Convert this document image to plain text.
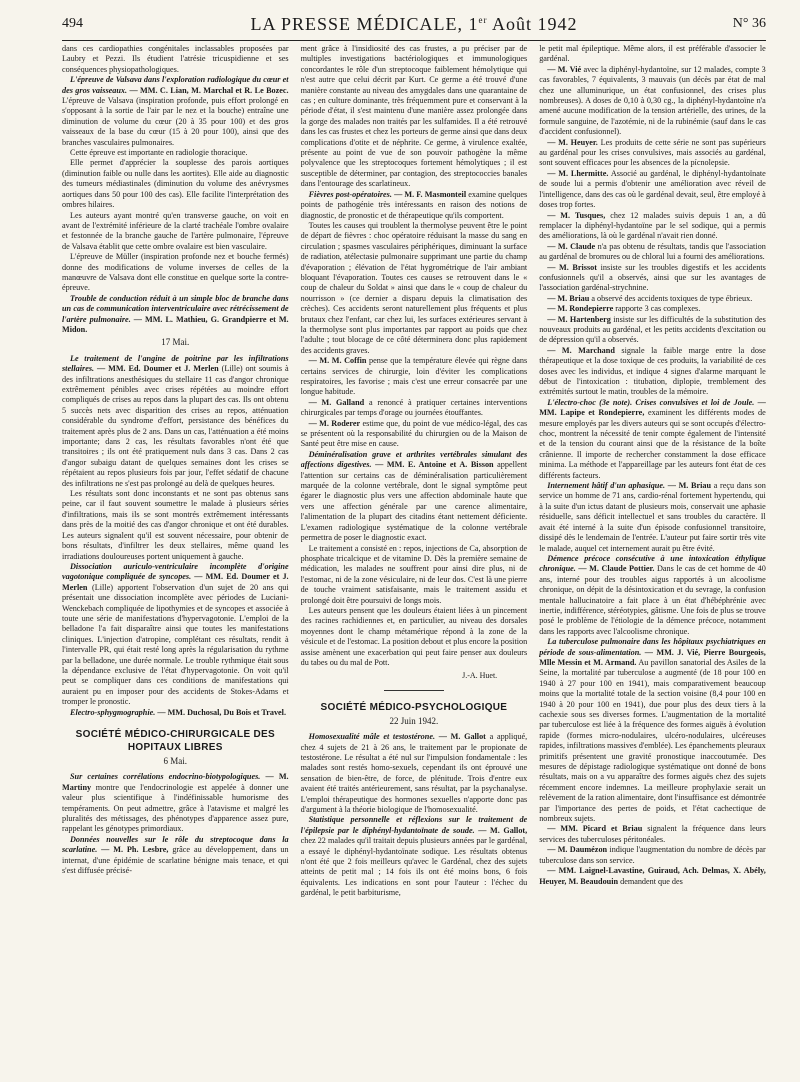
494	LA PRESSE MÉDICALE, 1er Août 1942	N° 36

dans ces cardiopathies congénitales inclassables proposées par Laubry et Pezzi. Ils étudient l'atrésie tricuspidienne et ses conséquences physiopathologiques.

L'épreuve de Valsava dans l'exploration radiologique du cœur et des gros vaisseaux. — MM. C. Lian, M. Marchal et R. Le Bozec. L'épreuve de Valsava (inspiration profonde, puis effort prolongé en s'opposant à la sortie de l'air par le nez et la bouche) entraîne une diminution de volume du cœur (20 à 35 pour 100) et des gros vaisseaux de la base du cœur (15 à 20 pour 100), ainsi que des branches vasculaires pulmonaires.

Cette épreuve est importante en radiologie thoracique.

Elle permet d'apprécier la souplesse des parois aortiques (diminution faible ou nulle dans les aortites). Elle aide au diagnostic des tumeurs médiastinales (diminution du volume des anévrysmes aortiques dans 50 pour 100 des cas). Elle facilite l'interprétation des ombres hilaires.

Les auteurs ayant montré qu'en transverse gauche, on voit en avant de l'extrémité inférieure de la clarté trachéale l'ombre ovalaire et festonnée de la branche gauche de l'artère pulmonaire, l'épreuve de Valsava établit que cette ombre ovalaire est bien vasculaire.

L'épreuve de Müller (inspiration profonde nez et bouche fermés) donne des modifications de volume inverses de celles de la manœuvre de Valsava dont elle constitue en quelque sorte la contre-épreuve.

Trouble de conduction réduit à un simple bloc de branche dans un cas de communication interventriculaire avec rétrécissement de l'artère pulmonaire. — MM. L. Mathieu, G. Grandpierre et M. Midon.

17 Mai.

Le traitement de l'angine de poitrine par les infiltrations stellaires. — MM. Ed. Doumer et J. Merlen (Lille) ont soumis à des infiltrations anesthésiques du stellaire 11 cas d'angor chronique extrêmement pénibles avec crises répétées au moindre effort compliqués de crises au repos dans la plupart des cas. Ils ont obtenu 5 succès nets avec disparition des crises au repos, atténuation considérable du syndrome d'effort, persistance des bénéfices du traitement après plus de 2 ans. Dans un cas, l'atténuation a été moins importante; dans 2 cas, les résultats favorables n'ont été que transitoires ; ils ont été pratiquement nuls dans 3 cas. Dans 2 cas d'angor subaigu datant de quelques semaines dont les crises se répétaient au repos plusieurs fois par jour, l'effet sédatif de chacune des infiltrations ne s'est pas prolongé au delà de quelques heures.

Les résultats sont donc inconstants et ne sont pas obtenus sans peine, car il faut souvent soumettre le malade à plusieurs séries d'infiltrations, mais ils se sont montrés extrêmement intéressants dans près de la moitié des cas d'angor chronique et ont été durables. Les auteurs signalent qu'il est souvent nécessaire, pour obtenir de bons résultats, d'infiltrer les deux stellaires, même quand les irradiations douloureuses portent uniquement à gauche.

Dissociation auriculo-ventriculaire incomplète d'origine vagotonique compliquée de syncopes. — MM. Ed. Doumer et J. Merlen (Lille) apportent l'observation d'un sujet de 20 ans qui présentait une dissociation incomplète avec périodes de Luciani-Wenckebach compliquée de lipothymies et de syncopes et associée à toute une série de manifestations d'hypervagotonie. L'emploi de la belladone l'a fait disparaître ainsi que toutes les manifestations cliniques. L'injection d'atropine, complétant ces résultats, rendit à l'intervalle PR, qui était resté long après la régularisation du rythme par la belladone, une durée normale. Le trouble rythmique était sous la dépendance exclusive de l'état d'hypervagotonie. On voit qu'il peut se compliquer dans ces conditions de manifestations qui auraient pu en imposer pour des accidents de Stokes-Adams et tromper le pronostic.

Electro-sphygmographie. — MM. Duchosal, Du Bois et Travel.

SOCIÉTÉ MÉDICO-CHIRURGICALE DES HOPITAUX LIBRES
6 Mai.

Sur certaines corrélations endocrino-biotypologiques. — M. Martiny montre que l'endocrinologie est appelée à donner une valeur plus scientifique à l'indéfinissable humorisme des tempéraments. On peut admettre, grâce à l'atavisme et malgré les pluralités des métissages, des phénotypes d'apparence assez pure, rappelant les génotypes primordiaux.

Données nouvelles sur le rôle du streptocoque dans la scarlatine. — M. Ph. Lesbre, grâce au développement, dans un internat, d'une épidémie de scarlatine bénigne mais tenace, et qui s'est diffusée précisé-

ment grâce à l'insidiosité des cas frustes, a pu préciser par de multiples investigations bactériologiques et immunologiques concordantes le rôle d'un streptocoque faiblement hémolytique qui n'est autre que celui décrit par Kurt. Ce germe a été trouvé d'une manière constante au niveau des amygdales dans une quarantaine de cas ; en culture dominante, très fréquemment pure et conservant à la période d'état, il s'est maintenu d'une manière assez prolongée dans la gorge des malades non traités par les sulfamides. Il a été retrouvé dans les cas frustes et chez les porteurs de germe ainsi que dans deux complications d'otite et de néphrite. Ce germe, à virulence exaltée, présente au point de vue de son pouvoir pathogène la même polyvalence que les streptocoques fortement hémolytiques ; il est susceptible de déterminer, par contagion, des streptococcies banales dans l'entourage des scarlatineux.

Fièvres post-opératoires. — M. F. Masmonteil examine quelques points de pathogénie très intéressants en raison des notions de diagnostic, de pronostic et de thérapeutique qu'ils comportent.

Toutes les causes qui troublent la thermolyse peuvent être le point de départ de fièvres : choc opératoire réduisant la masse du sang en circulation ; spasmes vasculaires périphériques, diminuant la surface de radiation, atélectasie pulmonaire supprimant une partie du champ d'évaporation ; élévation de l'état hygrométrique de l'air ambiant bloquant l'évaporation. Toutes ces causes se retrouvent dans le « coup de chaleur du Soldat » ainsi que dans le « coup de chaleur du nourrisson » (ce dernier a disparu depuis la climatisation des crèches). Ces accidents seront naturellement plus fréquents et plus brutaux chez l'enfant, car chez lui, les surfaces extérieures servant à la thermolyse sont plus importantes par rapport au poids que chez l'adulte ; tout blocage de ce côté déterminera donc plus rapidement des accidents graves.

— M. M. Coffin pense que la température élevée qui règne dans certains services de chirurgie, loin d'éviter les complications respiratoires, les favorise ; mais c'est une erreur consacrée par une longue habitude.

— M. Galland a renoncé à pratiquer certaines interventions chirurgicales par temps d'orage ou journées étouffantes.

— M. Roderer estime que, du point de vue médico-légal, des cas se présentent où la responsabilité du chirurgien ou de la Maison de Santé peut être mise en cause.

Déminéralisation grave et arthrites vertébrales simulant des affections digestives. — MM. E. Antoine et A. Bisson appellent l'attention sur certains cas de déminéralisation particulièrement marquée de la colonne vertébrale, dont le signal symptôme peut égarer le diagnostic plus vers une affection abdominale haute que vers une affection générale par une carence alimentaire, l'alimentation de la plupart des citadins étant nettement déficiente. L'examen radiologique systématique de la colonne vertébrale permettra de poser le diagnostic exact.

Le traitement a consisté en : repos, injections de Ca, absorption de phosphate tricalcique et de vitamine D. Dès la première semaine de médication, les malades ne souffrent pour ainsi dire plus, ni de l'estomac, ni de la zone vésiculaire, ni de leur dos. C'est là une pierre de touche vraiment satisfaisante, mais le traitement assidu et prolongé doit être poursuivi de longs mois.

Les auteurs pensent que les douleurs étaient liées à un pincement des racines rachidiennes et, en particulier, au niveau des dorsales moyennes dont le champ métamérique répond à la zone de la vésicule et de l'estomac. La position debout et plus encore la position assise amènent une exacerbation qui peut faire penser aux douleurs du tabes ou du mal de Pott.

J.-A. Huet.
SOCIÉTÉ MÉDICO-PSYCHOLOGIQUE
22 Juin 1942.

Homosexualité mâle et testostérone. — M. Gallot a appliqué, chez 4 sujets de 21 à 26 ans, le traitement par le propionate de testostérone. Le résultat a été nul sur l'impulsion fondamentale : les malades sont restés homo-sexuels, cependant ils ont éprouvé une sensation de bien-être, de force, de plénitude. Trois d'entre eux avaient été traités antérieurement, sans résultat, par la psychanalyse. L'emploi thérapeutique des hormones sexuelles n'apporte donc pas d'argument à la théorie biologique de l'homosexualité.

Statistique personnelle et réflexions sur le traitement de l'épilepsie par le diphényl-hydantoïnate de soude. — M. Gallot, chez 22 malades qu'il traitait depuis plusieurs années par le gardénal, a essayé le diphényl-hydantoïnate sodique. Les résultats obtenus n'ont été que 2 fois meilleurs qu'avec le Gardénal, chez des sujets atteints de petit mal ; 14 fois ils ont été moins bons, 6 fois équivalents. Les indications en sont pour l'auteur : l'échec du gardénal, le petit barbiturisme,

le petit mal épileptique. Même alors, il est préférable d'associer le gardénal.

— M. Vié avec la diphényl-hydantoïne, sur 12 malades, compte 3 cas favorables, 7 équivalents, 3 mauvais (un décès par état de mal chez une alluminurique, un état confusionnel, des crises plus nombreuses). A doses de 0,10 à 0,30 cg., la diphényl-hydantoïne n'a amené aucune modification de la tension artérielle, des urines, de la formule sanguine, de l'azotémie, ni de la rubinémie (sauf dans le cas d'accident confusionnel).

— M. Heuyer. Les produits de cette série ne sont pas supérieurs au gardénal pour les crises convulsives, mais associés au gardénal, sont souvent efficaces pour les absences de la pícnolepsie.

— M. Lhermitte. Associé au gardénal, le diphényl-hydantoïnate de soude lui a permis d'obtenir une amélioration avec réveil de l'intelligence, dans des cas où le gardénal devait, seul, être employé à doses trop fortes.

— M. Tusques, chez 12 malades suivis depuis 1 an, a dû remplacer la diphényl-hydantoïne par le sel sodique, qui a permis des améliorations, là où le gardénal n'avait rien donné.

— M. Claude n'a pas obtenu de résultats, tandis que l'association au gardénal de bromures ou de chloral lui a fourni des améliorations.

— M. Brissot insiste sur les troubles digestifs et les accidents confusionnels qu'il a observés, ainsi que sur les avantages de l'association gardénal-strychnine.

— M. Briau a observé des accidents toxiques de type ébrieux.

— M. Rondepierre rapporte 3 cas complexes.

— M. Hartenberg insiste sur les difficultés de la substitution des nouveaux produits au gardénal, et les petits accidents d'excitation ou de dépression qu'il a observés.

— M. Marchand signale la faible marge entre la dose thérapeutique et la dose toxique de ces produits, la variabilité de ces doses avec les individus, et indique 4 signes d'alarme marquant le début de l'intoxication : titubation, diplopie, tremblement des extrémités surtout le matin, troubles de la mémoire.

L'électro-choc (3e note). Crises convulsives et loi de Joule. — MM. Lapipe et Rondepierre, examinent les différents modes de mesure employés par les divers auteurs qui se sont occupés d'électro-choc, montrent la nécessité de tenir compte également de l'intensité et de la tension du courant ainsi que de la résistance de la boîte crânienne. Il importe de rechercher constamment la dose efficace minima. La méthode et l'appareillage par les auteurs font état de ces différents facteurs.

Internement hâtif d'un aphasique. — M. Briau a reçu dans son service un homme de 71 ans, cardio-rénal fortement hypertendu, qui à la suite d'un ictus datant de plusieurs mois, conservait une aphasie résiduelle, sans déficit intellectuel et sans troubles du caractère. Il avait été interné à la suite d'un épisode confusionnel transitoire, dissipé dès le lendemain de l'entrée. L'auteur put faire sortir très vite le malade, auquel cet internement aurait pu être évité.

Démence précoce consécutive à une intoxication éthylique chronique. — M. Claude Pottier. Dans le cas de cet homme de 40 ans, interné pour des troubles aigus rapportés à un alcoolisme chronique, on dépit de la désintoxication et du sevrage, la confusion mentale hallucinatoire a fait place à un état d'hébéphrénie avec inertie, indifférence, stéréotypies, gâtisme. Une fois de plus se trouve posé le problème de l'étiologie de la démence précoce, notamment dans les rapports avec l'alcoolisme chronique.

La tuberculose pulmonaire dans les hôpitaux psychiatriques en période de sous-alimentation. — MM. J. Vié, Pierre Bourgeois, Mlle Messin et M. Armand. Au pavillon sanatorial des Asiles de la Seine, la mortalité par tuberculose a augmenté (de 18 pour 100 en 1940 à 27 pour 100 en 1941), mais comparativement beaucoup moins que la mortalité totale de la section voisine (8,4 pour 100 en 1940 à 20 pour 100 en 1941), due pour plus des deux tiers à la cachexie sous ses diverses formes. L'augmentation de la mortalité par tuberculose est liée à la fréquence des formes aiguës à évolution rapide (formes micro-nodulaires, ulcéro-nodulaires, ulcéreuses rapides, infiltrations massives d'emblée). Les épanchements pleuraux primitifs présentent une gravité pronostique inaccoutumée. Des mesures de dépistage radiologique systématique ont donné de bons résultats, mais on a vu apparaître des formes aiguës chez des sujets récemment encore indemnes. La meilleure prophylaxie serait un relèvement de la ration alimentaire, dont l'insuffisance est démontrée par l'importance des pertes de poids, et l'état cachectique de nombreux sujets.

— MM. Picard et Briau signalent la fréquence dans leurs services des tuberculoses péritonéales.

— M. Daumézon indique l'augmentation du nombre de décès par tuberculose dans son service.

— MM. Laignel-Lavastine, Guiraud, Ach. Delmas, X. Abély, Heuyer, M. Beaudouin demandent que des
